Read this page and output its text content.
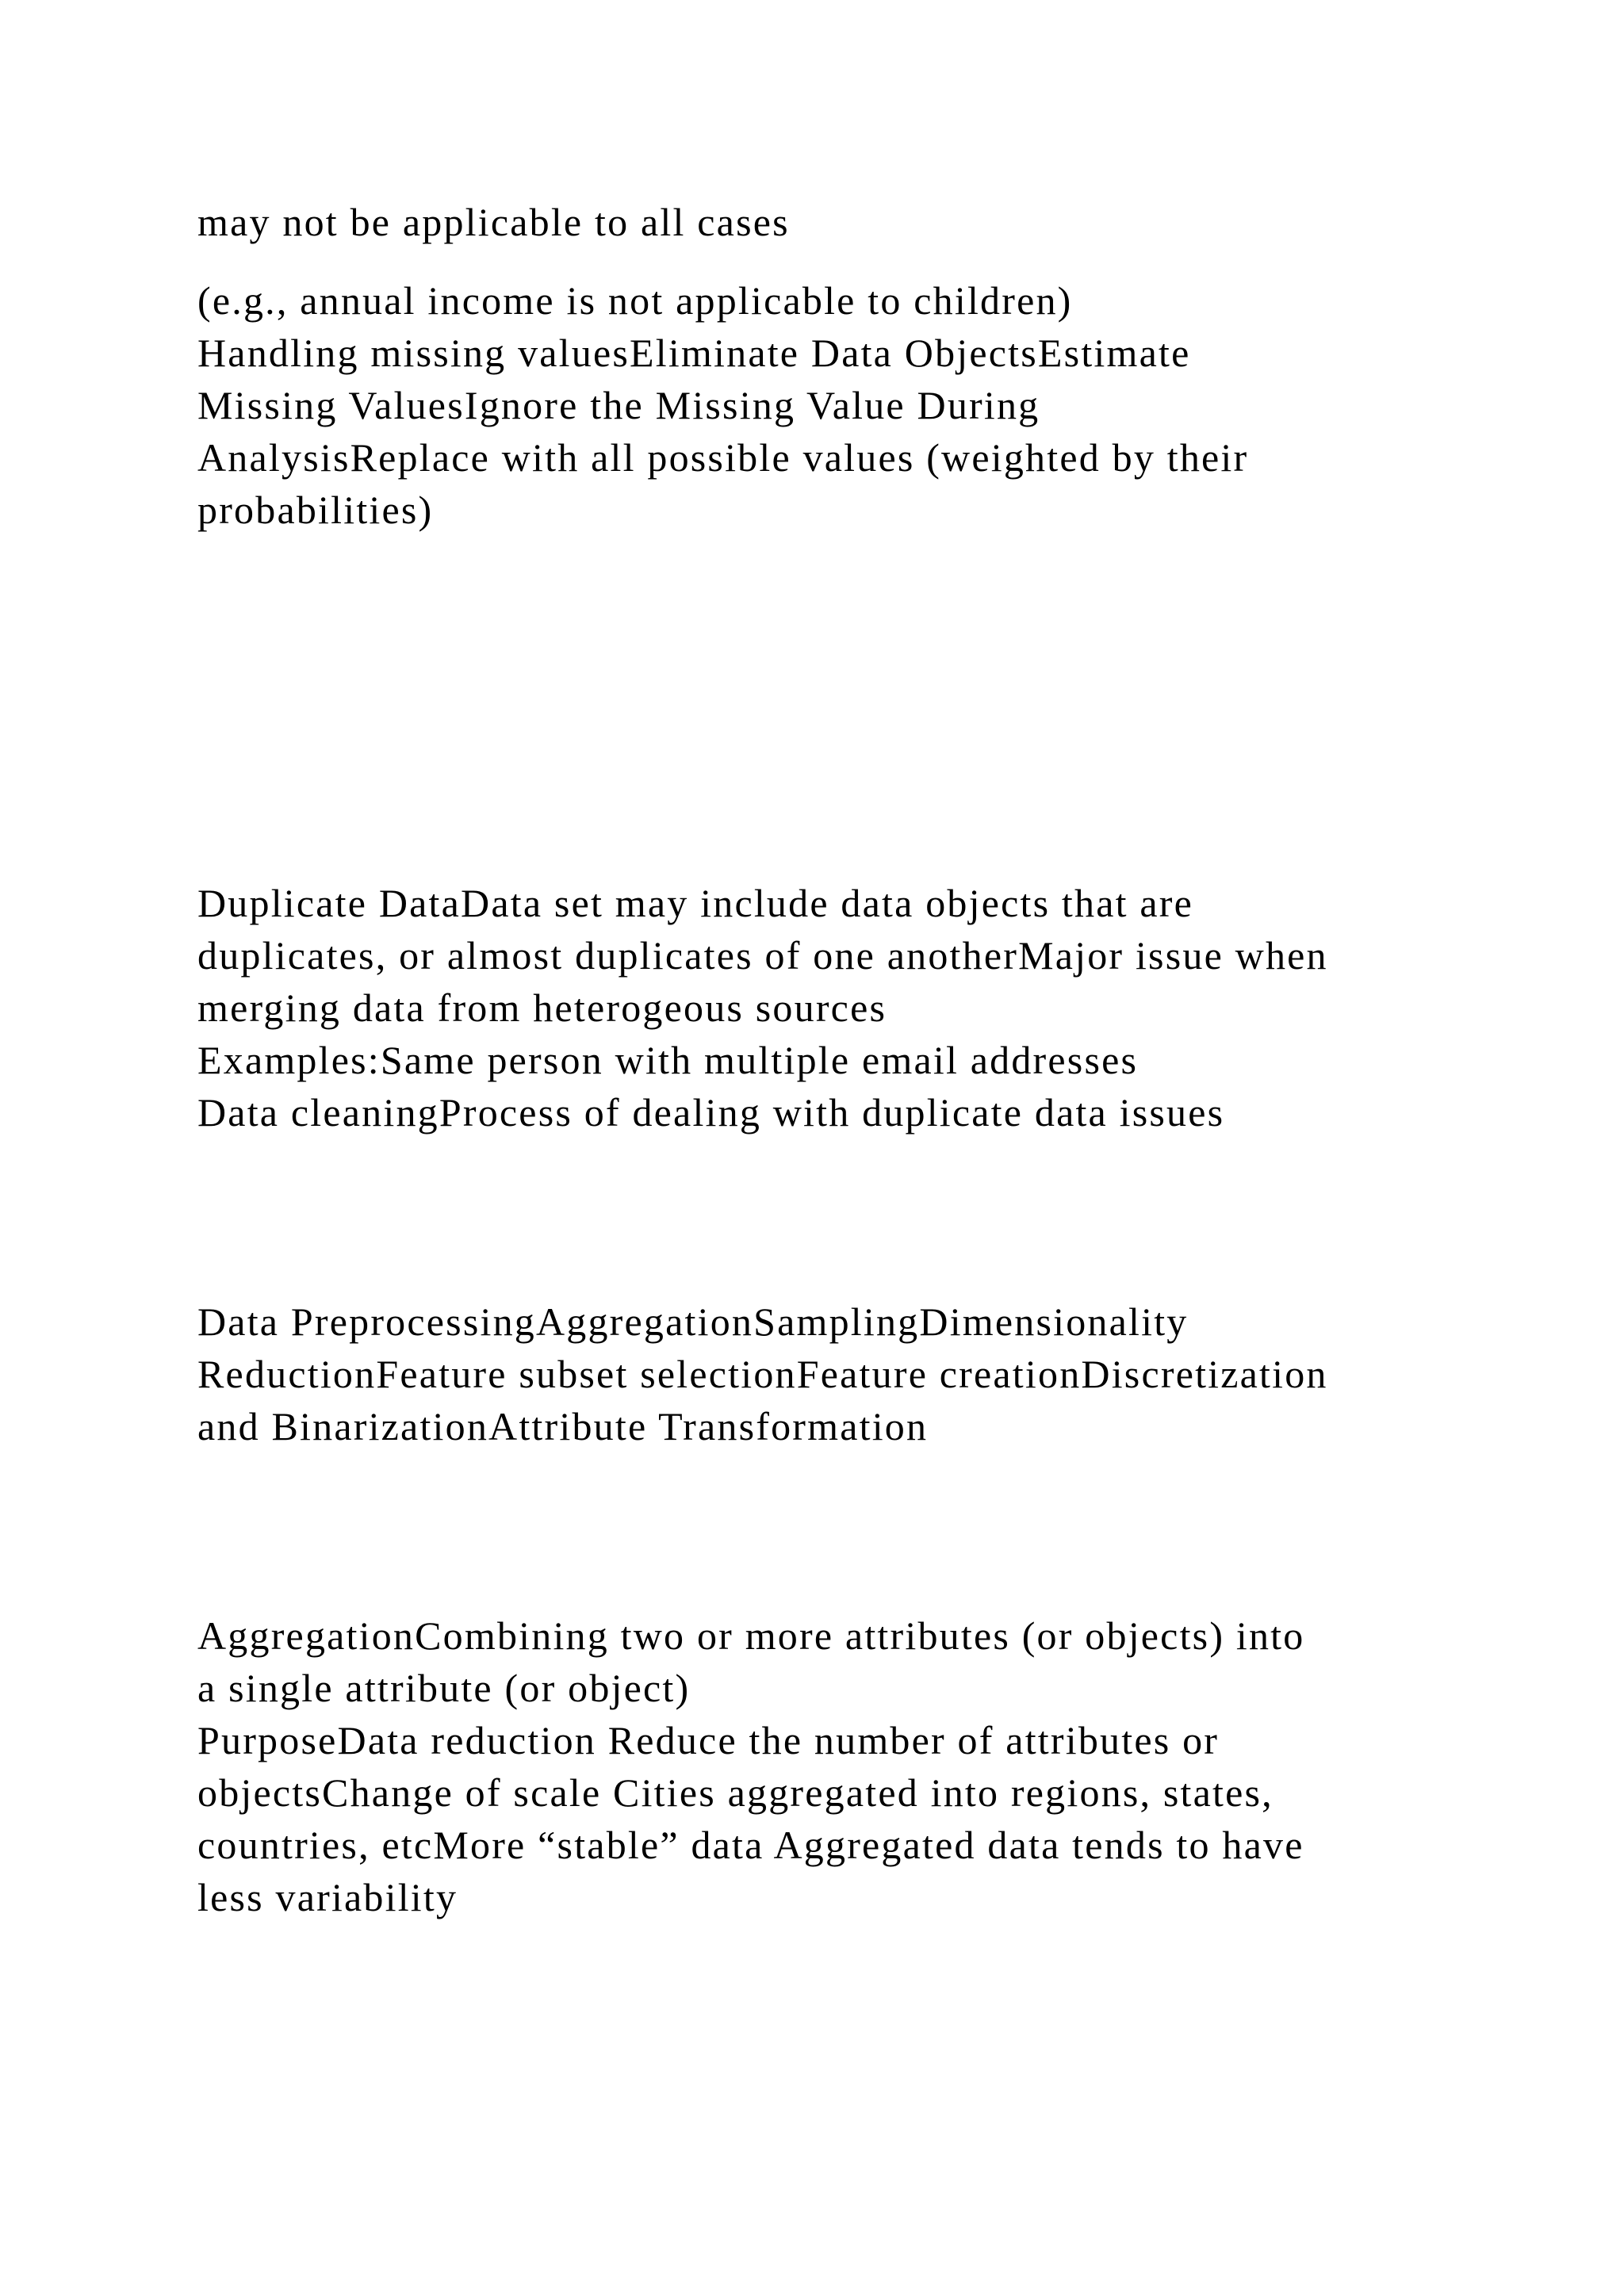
may not be applicable to all cases

(e.g., annual income is not applicable to children)

Handling missing valuesEliminate Data ObjectsEstimate

Missing ValuesIgnore the Missing Value During

AnalysisReplace with all possible values (weighted by their

probabilities)

Duplicate DataData set may include data objects that are

duplicates, or almost duplicates of one anotherMajor issue when

merging data from heterogeous sources

Examples:Same person with multiple email addresses

Data cleaningProcess of dealing with duplicate data issues

Data PreprocessingAggregationSamplingDimensionality

ReductionFeature subset selectionFeature creationDiscretization

and BinarizationAttribute Transformation

AggregationCombining two or more attributes (or objects) into

a single attribute (or object)

PurposeData reduction Reduce the number of attributes or

objectsChange of scale Cities aggregated into regions, states,

countries, etcMore “stable” data Aggregated data tends to have

less variability
